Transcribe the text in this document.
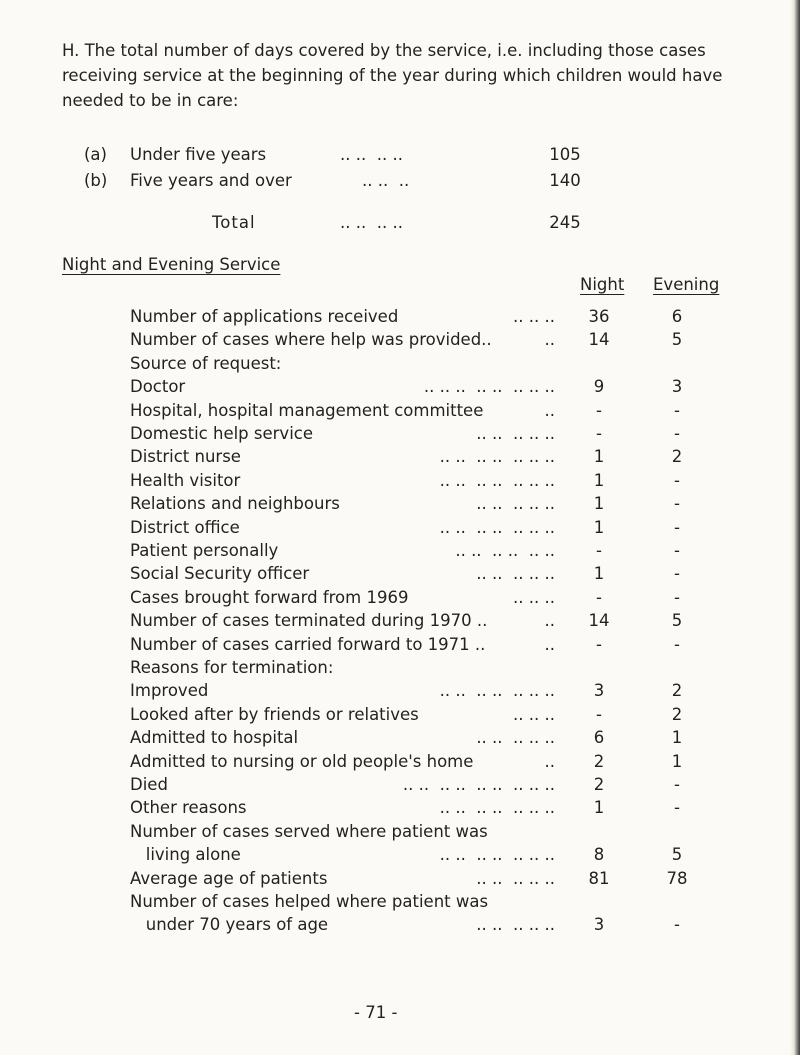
H. The total number of days covered by the service, i.e. including those cases receiving service at the beginning of the year during which children would have needed to be in care:
(a) Under five years	.. ..  .. ..	105
(b) Five years and over	.. ..  ..	140
Total	.. ..  .. ..	245
Night and Evening Service
Night Evening
Number of applications received	.. .. ..	36	6
Number of cases where help was provided..	..	14	5
Source of request:
Doctor	.. .. ..  .. ..  .. .. ..	9	3
Hospital, hospital management committee	..	-	-
Domestic help service	.. ..  .. .. ..	-	-
District nurse	.. ..  .. ..  .. .. ..	1	2
Health visitor	.. ..  .. ..  .. .. ..	1	-
Relations and neighbours	.. ..  .. .. ..	1	-
District office	.. ..  .. ..  .. .. ..	1	-
Patient personally	.. ..  .. ..  .. ..	-	-
Social Security officer	.. ..  .. .. ..	1	-
Cases brought forward from 1969	.. .. ..	-	-
Number of cases terminated during 1970 ..	..	14	5
Number of cases carried forward to 1971 ..	..	-	-
Reasons for termination:
Improved	.. ..  .. ..  .. .. ..	3	2
Looked after by friends or relatives	.. .. ..	-	2
Admitted to hospital	.. ..  .. .. ..	6	1
Admitted to nursing or old people's home	..	2	1
Died	.. ..  .. ..  .. ..  .. .. ..	2	-
Other reasons	.. ..  .. ..  .. .. ..	1	-
Number of cases served where patient was
living alone	.. ..  .. ..  .. .. ..	8	5
Average age of patients	.. ..  .. .. ..	81	78
Number of cases helped where patient was
under 70 years of age	.. ..  .. .. ..	3	-
- 71 -
